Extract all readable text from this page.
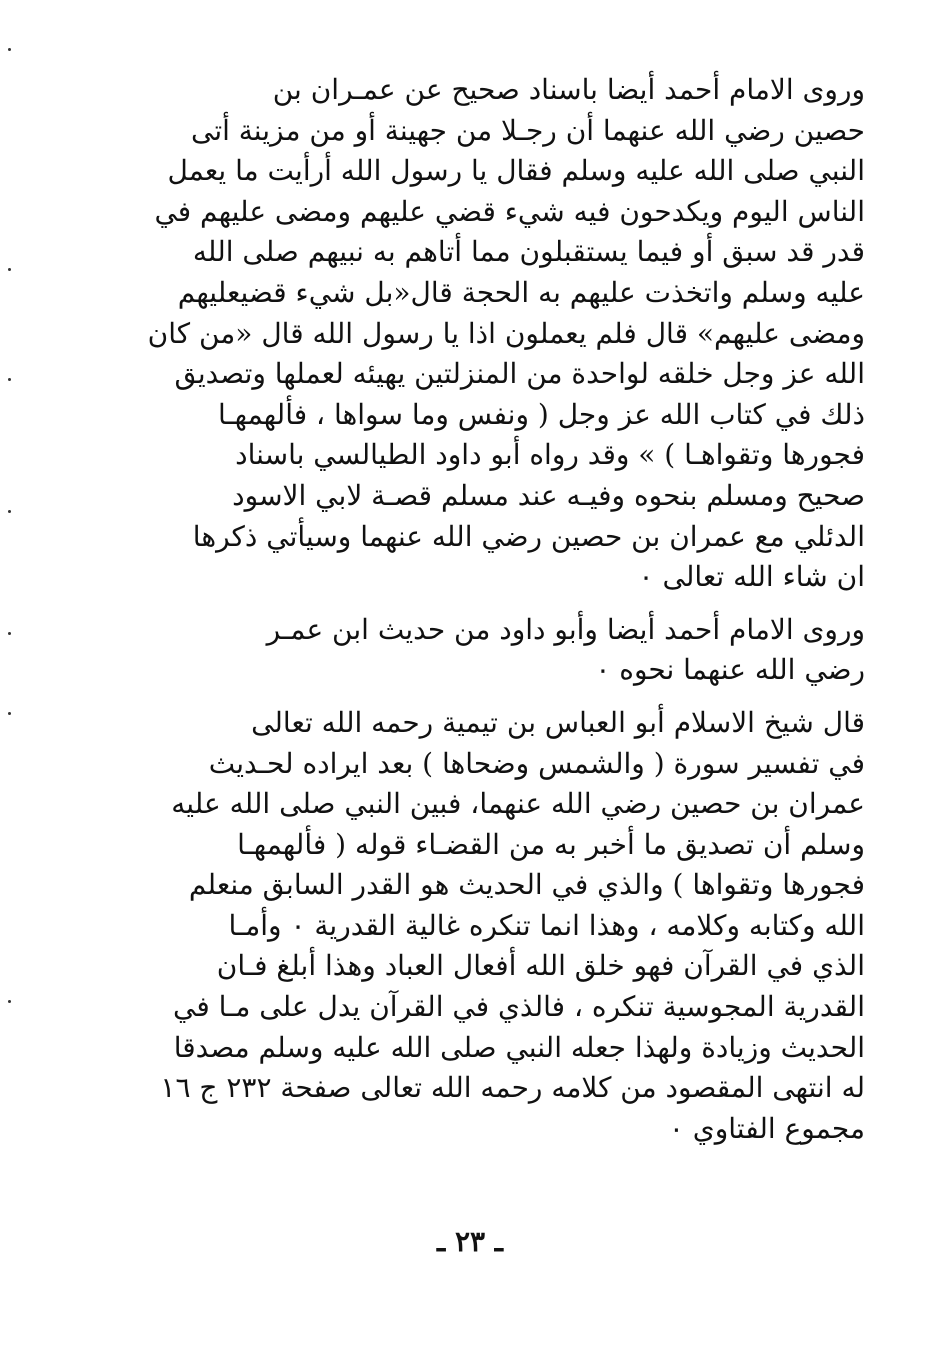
وروى الامام أحمد أيضا باسناد صحيح عن عمـران بن
حصين رضي الله عنهما أن رجـلا من جهينة أو من مزينة أتى
النبي صلى الله عليه وسلم فقال يا رسول الله أرأيت ما يعمل
الناس اليوم ويكدحون فيه شيء قضي عليهم ومضى عليهم في
قدر قد سبق أو فيما يستقبلون مما أتاهم به نبيهم صلى الله
عليه وسلم واتخذت عليهم به الحجة قال«بل شيء قضيعليهم
ومضى عليهم» قال فلم يعملون اذا يا رسول الله قال «من كان
الله عز وجل خلقه لواحدة من المنزلتين يهيئه لعملها وتصديق
ذلك في كتاب الله عز وجل ( ونفس وما سواها ، فألهمهـا
فجورها وتقواهـا ) » وقد رواه أبو داود الطيالسي باسناد
صحيح ومسلم بنحوه وفيـه عند مسلم قصـة لابي الاسود
الدئلي مع عمران بن حصين رضي الله عنهما وسيأتي ذكرها
ان شاء الله تعالى ٠
وروى الامام أحمد أيضا وأبو داود من حديث ابن عمـر
رضي الله عنهما نحوه ٠
قال شيخ الاسلام أبو العباس بن تيمية رحمه الله تعالى
في تفسير سورة ( والشمس وضحاها ) بعد ايراده لحـديث
عمران بن حصين رضي الله عنهما، فبين النبي صلى الله عليه
وسلم أن تصديق ما أخبر به من القضـاء قوله ( فألهمهـا
فجورها وتقواها ) والذي في الحديث هو القدر السابق منعلم
الله وكتابه وكلامه ، وهذا انما تنكره غالية القدرية ٠ وأمـا
الذي في القرآن فهو خلق الله أفعال العباد وهذا أبلغ فـان
القدرية المجوسية تنكره ، فالذي في القرآن يدل على مـا في
الحديث وزيادة ولهذا جعله النبي صلى الله عليه وسلم مصدقا
له انتهى المقصود من كلامه رحمه الله تعالى صفحة ٢٣٢ ج ١٦
مجموع الفتاوي ٠
ـ ٢٣ ـ
